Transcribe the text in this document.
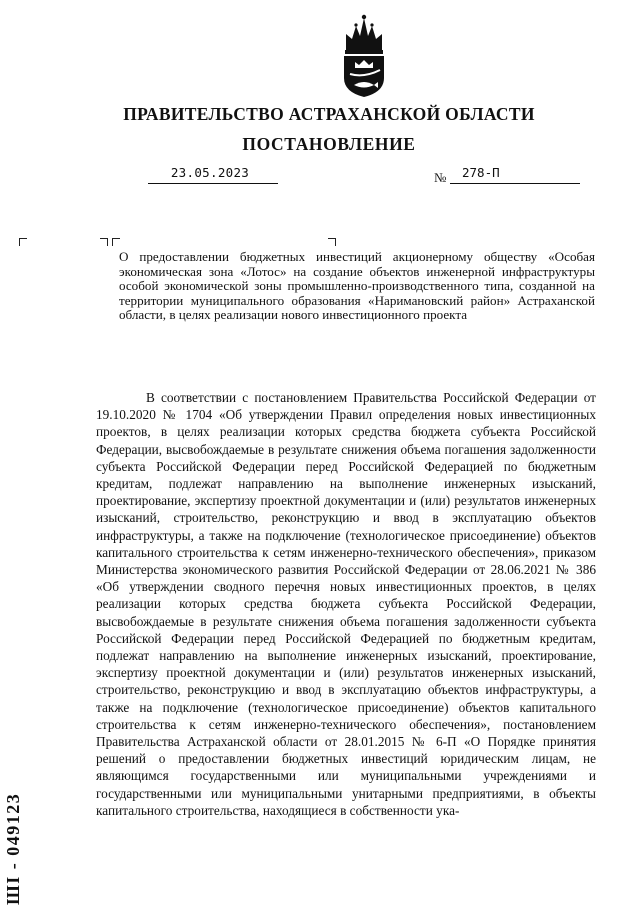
ПРАВИТЕЛЬСТВО АСТРАХАНСКОЙ ОБЛАСТИ
ПОСТАНОВЛЕНИЕ
23.05.2023	№ 278-П
О предоставлении бюджетных инвестиций акционерному обществу «Особая экономическая зона «Лотос» на создание объектов инженерной инфраструктуры особой экономической зоны промышленно-производственного типа, созданной на территории муниципального образования «Наримановский район» Астраханской области, в целях реализации нового инвестиционного проекта
В соответствии с постановлением Правительства Российской Федерации от 19.10.2020 № 1704 «Об утверждении Правил определения новых инвестиционных проектов, в целях реализации которых средства бюджета субъекта Российской Федерации, высвобождаемые в результате снижения объема погашения задолженности субъекта Российской Федерации перед Российской Федерацией по бюджетным кредитам, подлежат направлению на выполнение инженерных изысканий, проектирование, экспертизу проектной документации и (или) результатов инженерных изысканий, строительство, реконструкцию и ввод в эксплуатацию объектов инфраструктуры, а также на подключение (технологическое присоединение) объектов капитального строительства к сетям инженерно-технического обеспечения», приказом Министерства экономического развития Российской Федерации от 28.06.2021 № 386 «Об утверждении сводного перечня новых инвестиционных проектов, в целях реализации которых средства бюджета субъекта Российской Федерации, высвобождаемые в результате снижения объема погашения задолженности субъекта Российской Федерации перед Российской Федерацией по бюджетным кредитам, подлежат направлению на выполнение инженерных изысканий, проектирование, экспертизу проектной документации и (или) результатов инженерных изысканий, строительство, реконструкцию и ввод в эксплуатацию объектов инфраструктуры, а также на подключение (технологическое присоединение) объектов капитального строительства к сетям инженерно-технического обеспечения», постановлением Правительства Астраханской области от 28.01.2015 № 6-П «О Порядке принятия решений о предоставлении бюджетных инвестиций юридическим лицам, не являющимся государственными или муниципальными учреждениями и государственными или муниципальными унитарными предприятиями, в объекты капитального строительства, находящиеся в собственности ука-
ШI - 049123
